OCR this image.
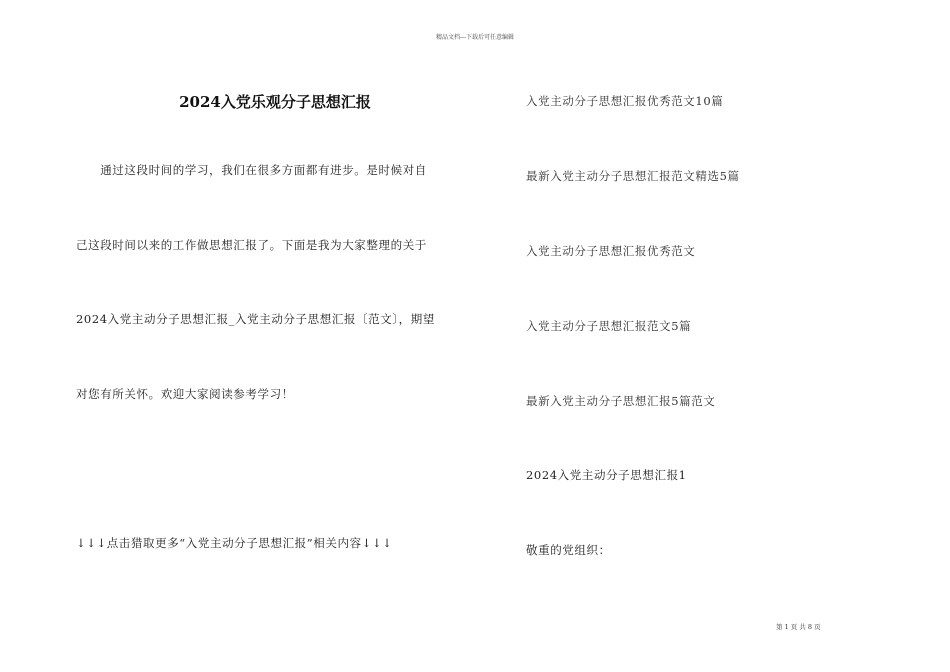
精品文档---下载后可任意编辑
2024入党乐观分子思想汇报
　　通过这段时间的学习，我们在很多方面都有进步。是时候对自
己这段时间以来的工作做思想汇报了。下面是我为大家整理的关于
2024入党主动分子思想汇报_入党主动分子思想汇报〔范文〕，期望
对您有所关怀。欢迎大家阅读参考学习！
↓↓↓点击猎取更多“入党主动分子思想汇报”相关内容↓↓↓
入党主动分子思想汇报优秀范文10篇
最新入党主动分子思想汇报范文精选5篇
入党主动分子思想汇报优秀范文
入党主动分子思想汇报范文5篇
最新入党主动分子思想汇报5篇范文
2024入党主动分子思想汇报1
敬重的党组织：
第 1 页 共 8 页
